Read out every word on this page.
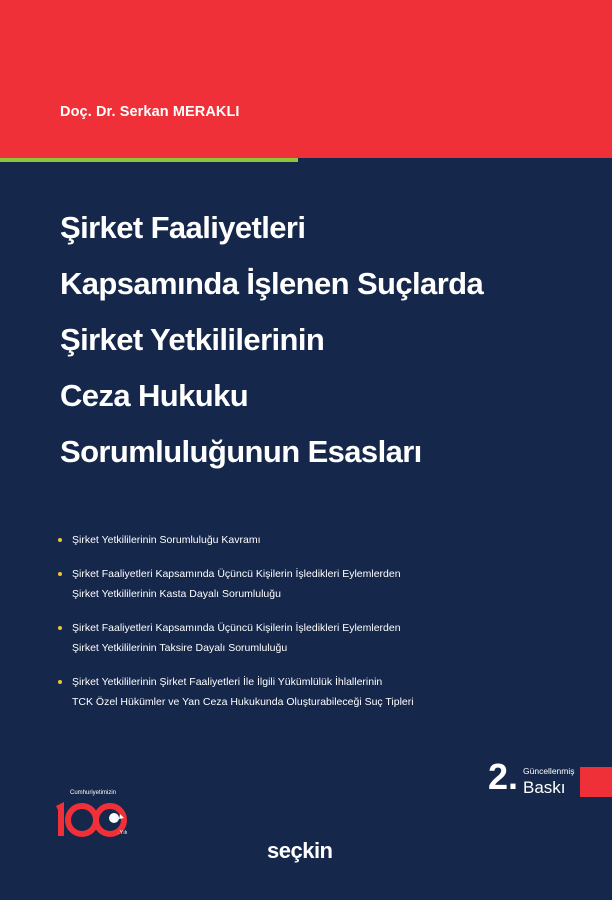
Doç. Dr. Serkan MERAKLI
Şirket Faaliyetleri
Kapsamında İşlenen Suçlarda
Şirket Yetkililerinin
Ceza Hukuku
Sorumluluğunun Esasları
Şirket Yetkililerinin Sorumluluğu Kavramı
Şirket Faaliyetleri Kapsamında Üçüncü Kişilerin İşledikleri Eylemlerden
Şirket Yetkililerinin Kasta Dayalı Sorumluluğu
Şirket Faaliyetleri Kapsamında Üçüncü Kişilerin İşledikleri Eylemlerden
Şirket Yetkililerinin Taksire Dayalı Sorumluluğu
Şirket Yetkililerinin Şirket Faaliyetleri İle İlgili Yükümlülük İhlallerinin
TCK Özel Hükümler ve Yan Ceza Hukukunda Oluşturabileceği Suç Tipleri
2. Güncellenmiş
Baskı
Cumhuriyetimizin
.Yılı
seçkin
